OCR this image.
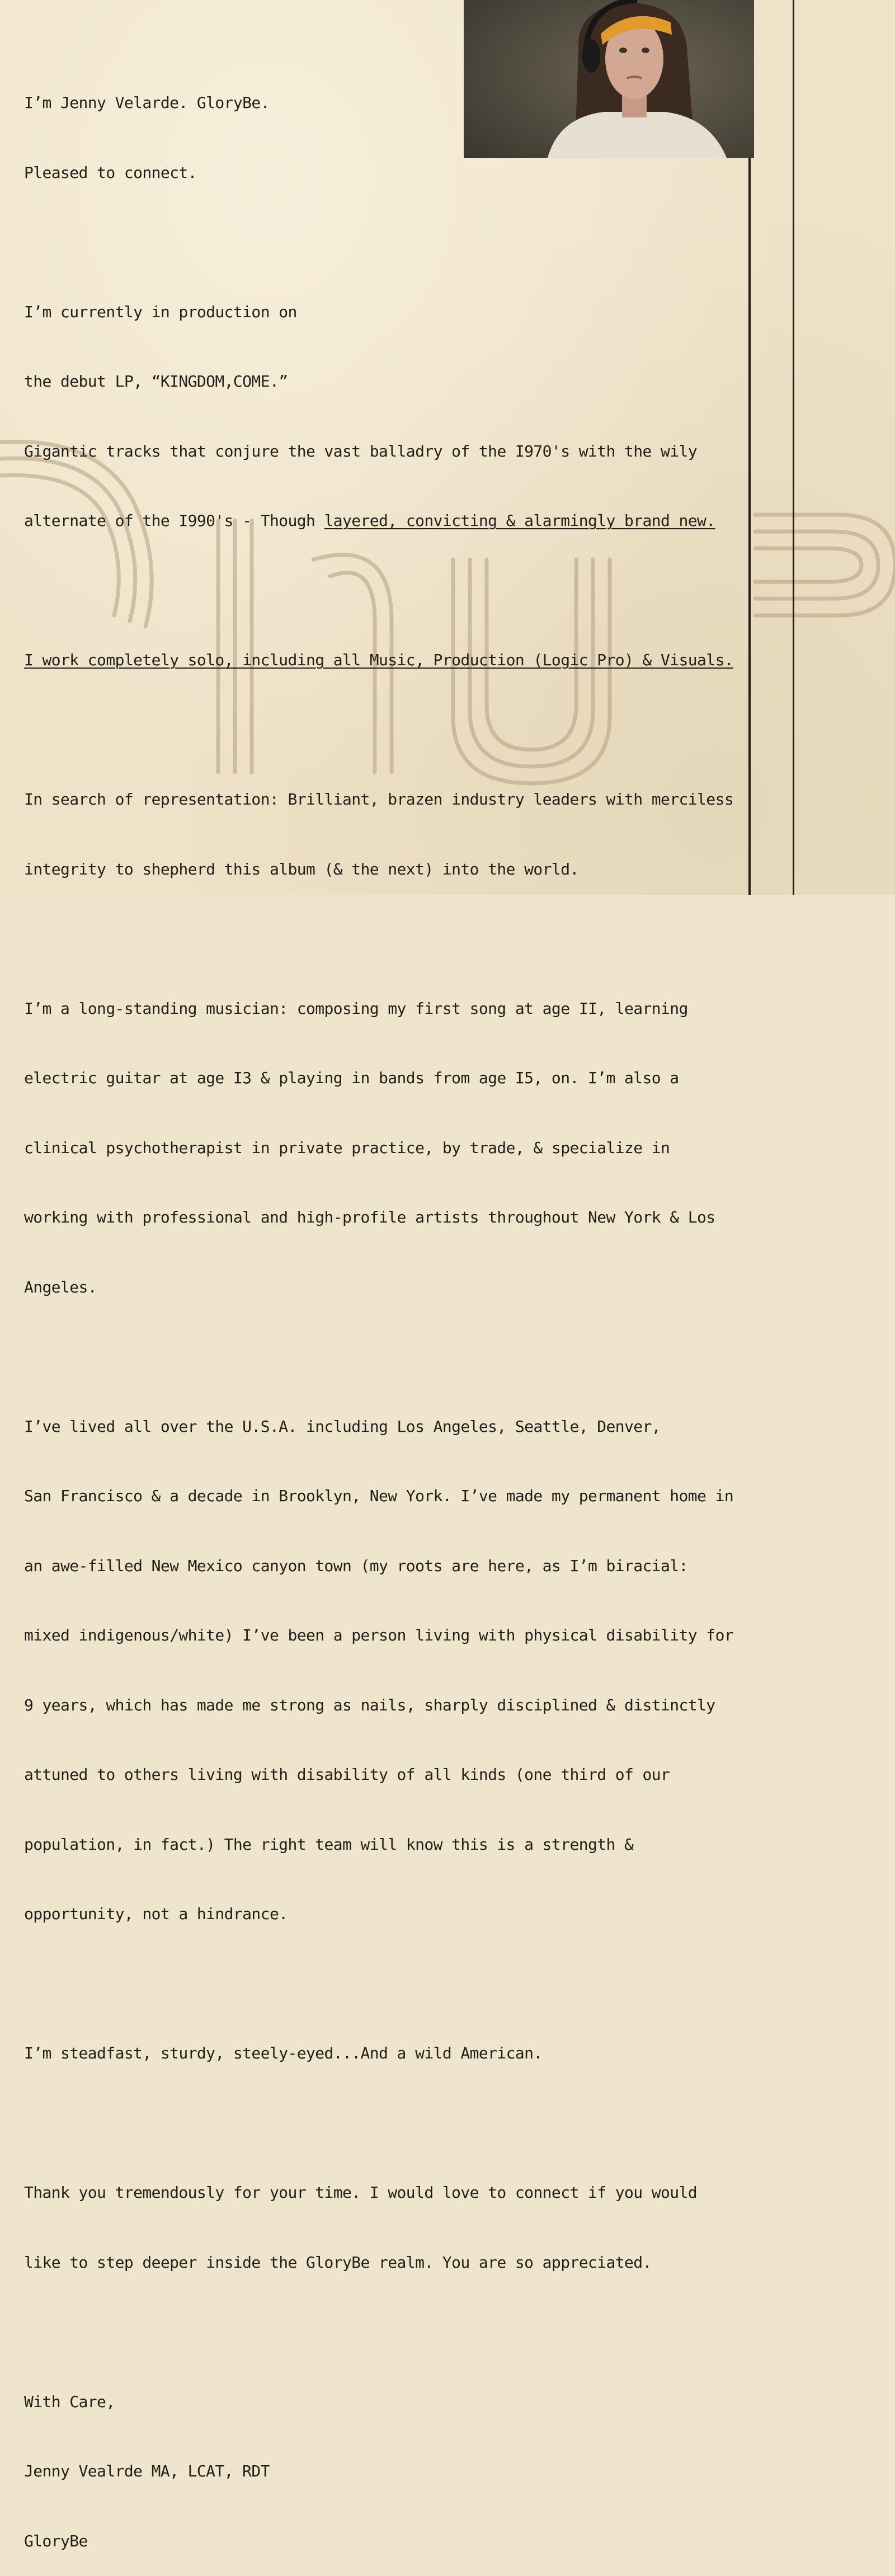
I’m Jenny Velarde. GloryBe.

Pleased to connect.

I’m currently in production on

the debut LP, “KINGDOM,COME.”

Gigantic tracks that conjure the vast balladry of the I970's with the wily

alternate of the I990's - Though layered, convicting & alarmingly brand new.

I work completely solo, including all Music, Production (Logic Pro) & Visuals.

In search of representation: Brilliant, brazen industry leaders with merciless

integrity to shepherd this album (& the next) into the world.

I’m a long-standing musician: composing my first song at age II, learning

electric guitar at age I3 & playing in bands from age I5, on. I’m also a

clinical psychotherapist in private practice, by trade, & specialize in

working with professional and high-profile artists throughout New York & Los

Angeles.

I’ve lived all over the U.S.A. including Los Angeles, Seattle, Denver,

San Francisco & a decade in Brooklyn, New York. I’ve made my permanent home in

an awe-filled New Mexico canyon town (my roots are here, as I’m biracial:

mixed indigenous/white) I’ve been a person living with physical disability for

9 years, which has made me strong as nails, sharply disciplined & distinctly

attuned to others living with disability of all kinds (one third of our

population, in fact.) The right team will know this is a strength &

opportunity, not a hindrance.

I’m steadfast, sturdy, steely-eyed...And a wild American.

Thank you tremendously for your time. I would love to connect if you would

like to step deeper inside the GloryBe realm. You are so appreciated.

With Care,

Jenny Vealrde MA, LCAT, RDT

GloryBe
